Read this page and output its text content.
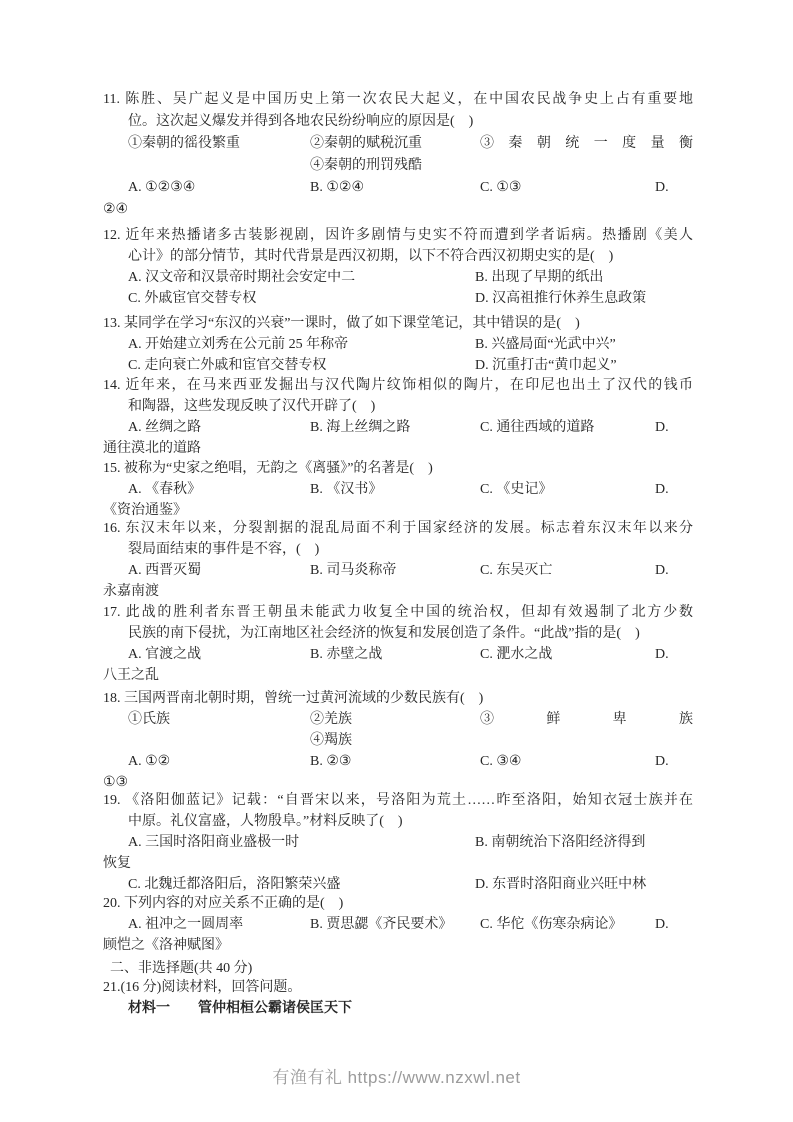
11. 陈胜、吴广起义是中国历史上第一次农民大起义，在中国农民战争史上占有重要地
位。这次起义爆发并得到各地农民纷纷响应的原因是(　)
①秦朝的徭役繁重	②秦朝的赋税沉重	③ 秦 朝 统 一 度 量 衡
④秦朝的刑罚残酷
A. ①②③④	B. ①②④	C. ①③	D.
②④
12. 近年来热播诸多古装影视剧，因许多剧情与史实不符而遭到学者诟病。热播剧《美人
心计》的部分情节，其时代背景是西汉初期，以下不符合西汉初期史实的是(　)
A. 汉文帝和汉景帝时期社会安定中二	B. 出现了早期的纸出
C. 外戚宦官交替专权	D. 汉高祖推行休养生息政策
13. 某同学在学习“东汉的兴衰”一课时，做了如下课堂笔记，其中错误的是(　)
A. 开始建立刘秀在公元前 25 年称帝	B. 兴盛局面“光武中兴”
C. 走向衰亡外戚和宦官交替专权	D. 沉重打击“黄巾起义”
14. 近年来，在马来西亚发掘出与汉代陶片纹饰相似的陶片，在印尼也出土了汉代的钱币
和陶器，这些发现反映了汉代开辟了(　)
A. 丝绸之路	B. 海上丝绸之路	C. 通往西域的道路	D.
通往漠北的道路
15. 被称为“史家之绝唱，无韵之《离骚》”的名著是(　)
A. 《春秋》	B. 《汉书》	C. 《史记》	D.
《资治通鉴》
16. 东汉末年以来，分裂割据的混乱局面不利于国家经济的发展。标志着东汉末年以来分
裂局面结束的事件是不容，(　)
A. 西晋灭蜀	B. 司马炎称帝	C. 东吴灭亡	D.
永嘉南渡
17. 此战的胜利者东晋王朝虽未能武力收复全中国的统治权，但却有效遏制了北方少数
民族的南下侵扰，为江南地区社会经济的恢复和发展创造了条件。“此战”指的是(　)
A. 官渡之战	B. 赤壁之战	C. 淝水之战	D.
八王之乱
18. 三国两晋南北朝时期，曾统一过黄河流域的少数民族有(　)
①氏族	②羌族	③ 鲜 卑 族
④羯族
A. ①②	B. ②③	C. ③④	D.
①③
19. 《洛阳伽蓝记》记载：“自晋宋以来，号洛阳为荒土……昨至洛阳，始知衣冠士族并在
中原。礼仪富盛，人物殷阜。”材料反映了(　)
A. 三国时洛阳商业盛极一时	B. 南朝统治下洛阳经济得到
恢复
C. 北魏迁都洛阳后，洛阳繁荣兴盛	D. 东晋时洛阳商业兴旺中林
20. 下列内容的对应关系不正确的是(　)
A. 祖冲之一圆周率	B. 贾思勰《齐民要术》 C. 华佗《伤寒杂病论》 D.
顾恺之《洛神赋图》
二、非选择题(共 40 分)
21.(16 分)阅读材料，回答问题。
材料一　　管仲相桓公霸诸侯匡天下
有渔有礼 https://www.nzxwl.net
